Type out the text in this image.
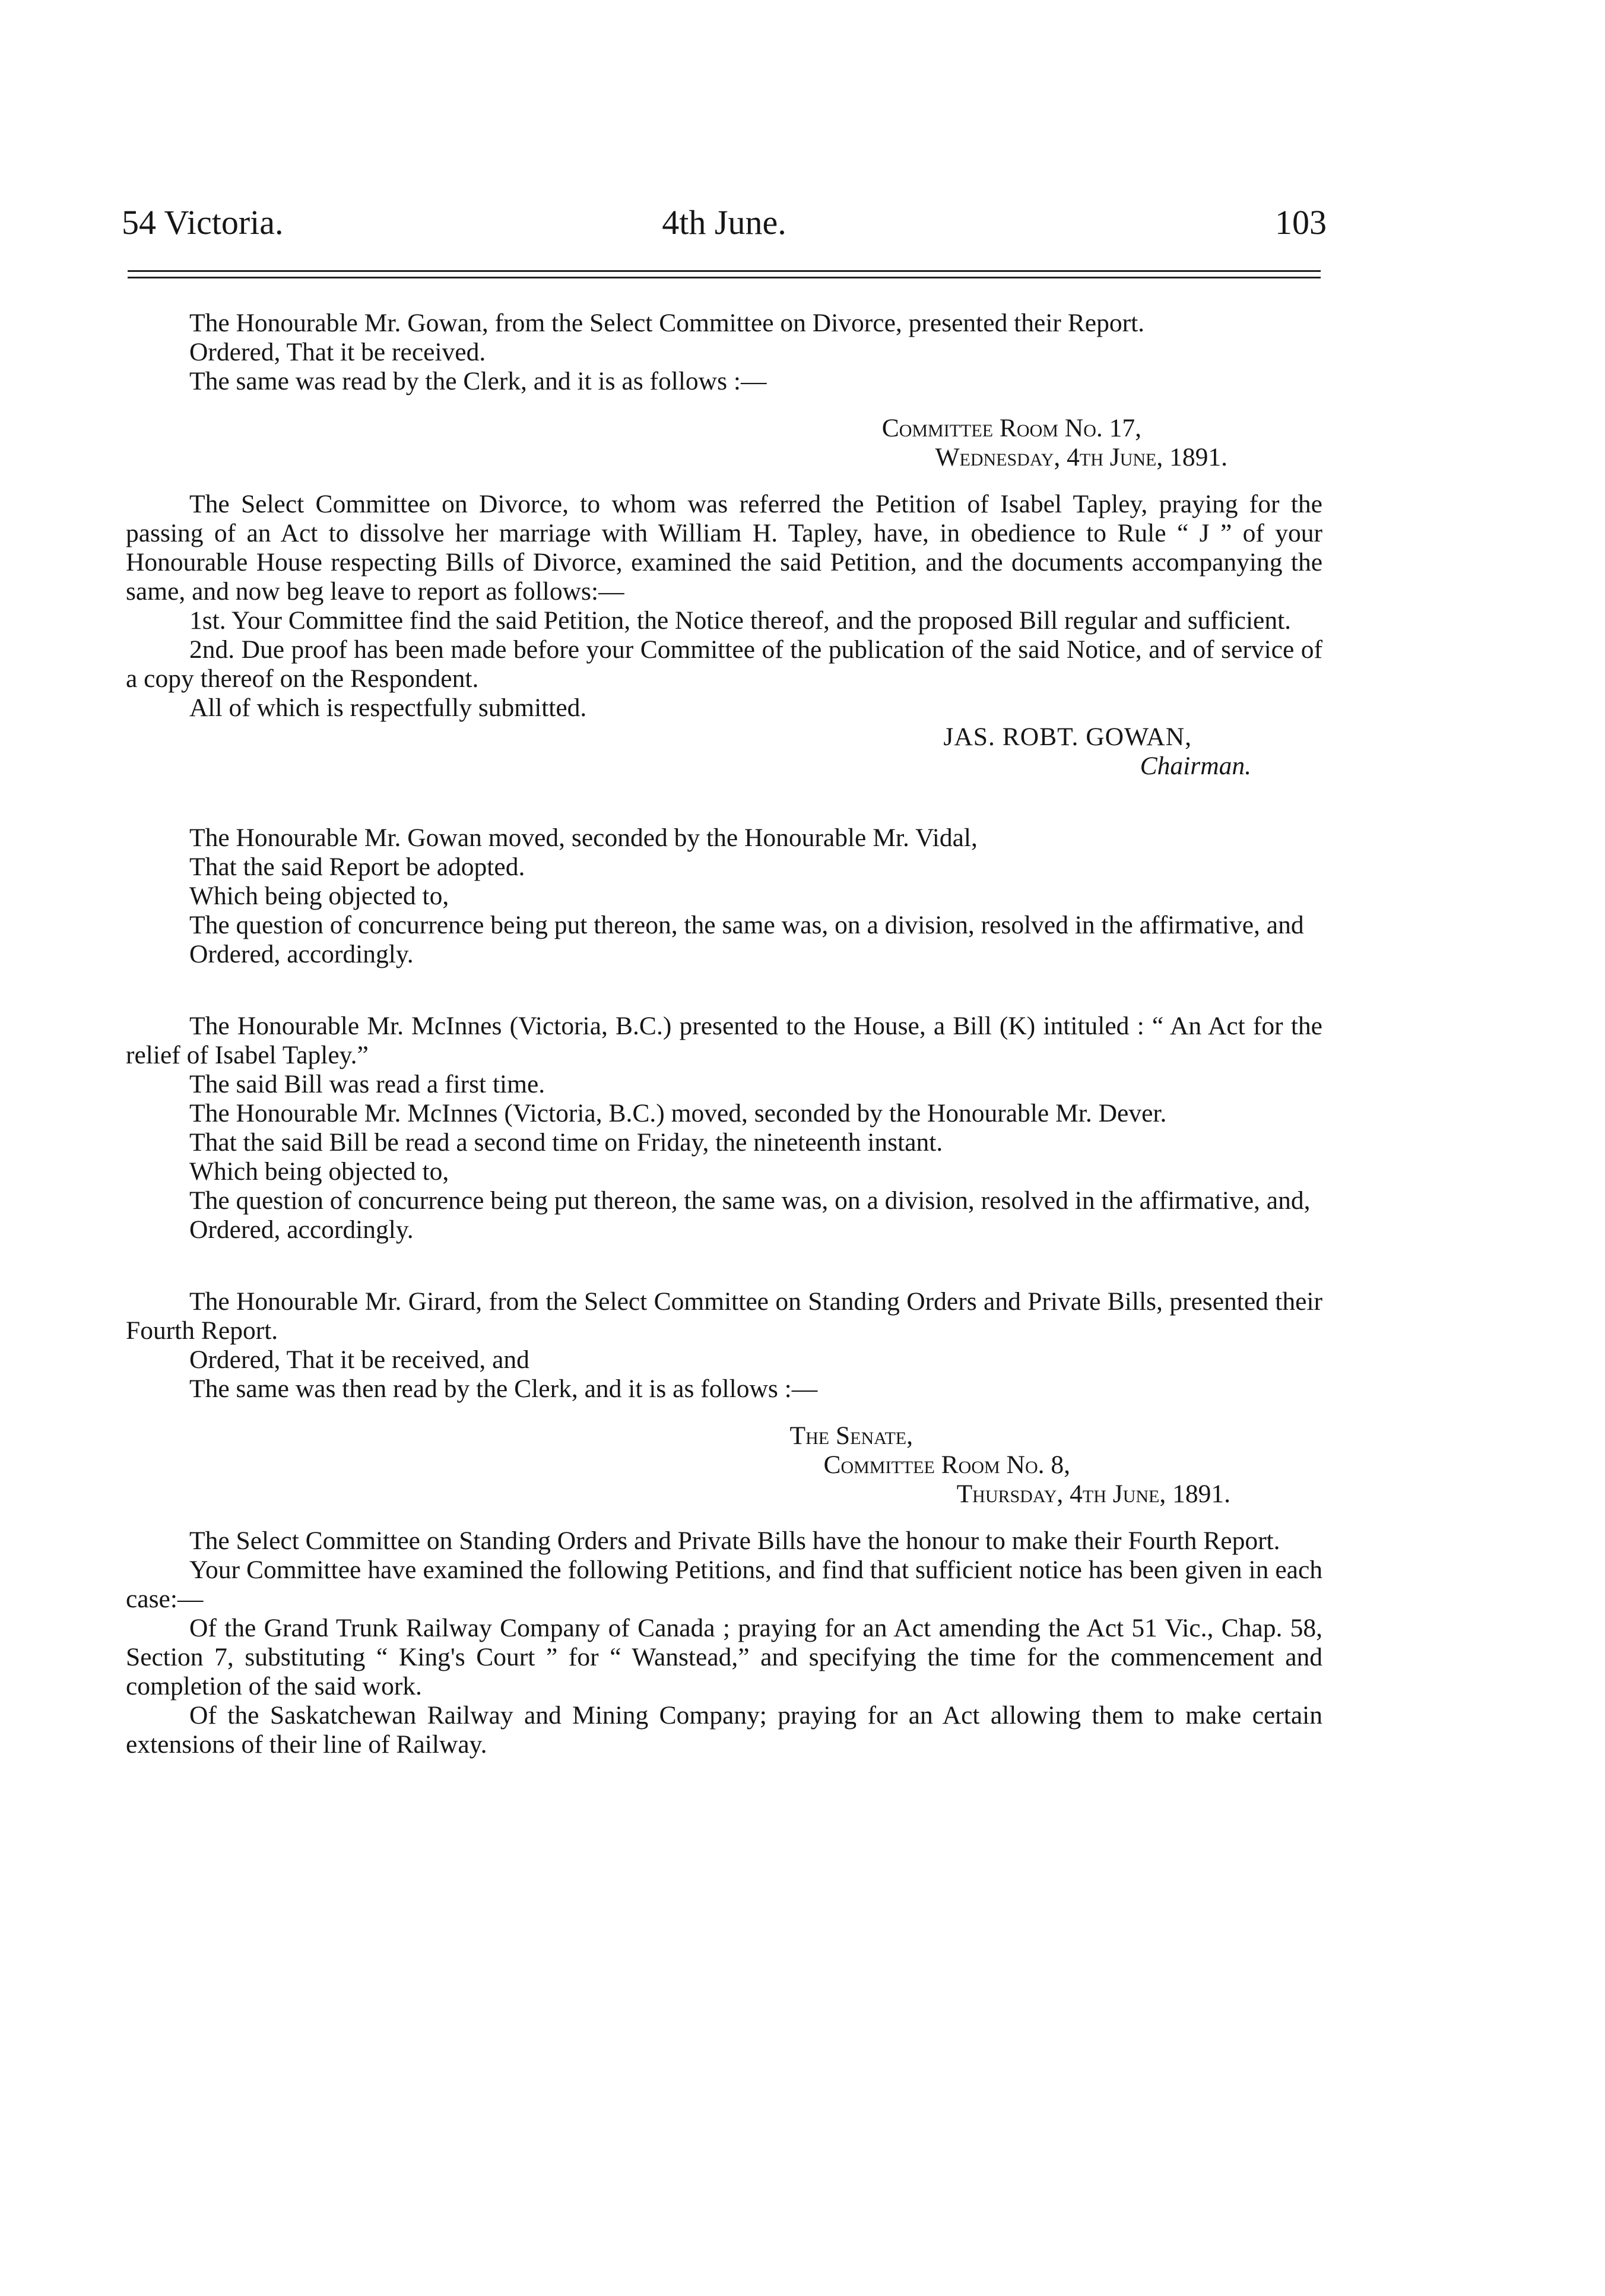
54 Victoria.	4th June.	103

The Honourable Mr. Gowan, from the Select Committee on Divorce, presented their Report.

Ordered, That it be received.

The same was read by the Clerk, and it is as follows :—

Committee Room No. 17,

Wednesday, 4th June, 1891.

The Select Committee on Divorce, to whom was referred the Petition of Isabel Tapley, praying for the passing of an Act to dissolve her marriage with William H. Tapley, have, in obedience to Rule “ J ” of your Honourable House respecting Bills of Divorce, examined the said Petition, and the documents accompanying the same, and now beg leave to report as follows:—

1st. Your Committee find the said Petition, the Notice thereof, and the proposed Bill regular and sufficient.

2nd. Due proof has been made before your Committee of the publication of the said Notice, and of service of a copy thereof on the Respondent.

All of which is respectfully submitted.

JAS. ROBT. GOWAN,

Chairman.

The Honourable Mr. Gowan moved, seconded by the Honourable Mr. Vidal,

That the said Report be adopted.

Which being objected to,

The question of concurrence being put thereon, the same was, on a division, resolved in the affirmative, and

Ordered, accordingly.

The Honourable Mr. McInnes (Victoria, B.C.) presented to the House, a Bill (K) intituled : “ An Act for the relief of Isabel Tapley.”

The said Bill was read a first time.

The Honourable Mr. McInnes (Victoria, B.C.) moved, seconded by the Honourable Mr. Dever.

That the said Bill be read a second time on Friday, the nineteenth instant.

Which being objected to,

The question of concurrence being put thereon, the same was, on a division, resolved in the affirmative, and,

Ordered, accordingly.

The Honourable Mr. Girard, from the Select Committee on Standing Orders and Private Bills, presented their Fourth Report.

Ordered, That it be received, and

The same was then read by the Clerk, and it is as follows :—

The Senate,

Committee Room No. 8,

Thursday, 4th June, 1891.

The Select Committee on Standing Orders and Private Bills have the honour to make their Fourth Report.

Your Committee have examined the following Petitions, and find that sufficient notice has been given in each case:—

Of the Grand Trunk Railway Company of Canada ; praying for an Act amending the Act 51 Vic., Chap. 58, Section 7, substituting “ King's Court ” for “ Wanstead,” and specifying the time for the commencement and completion of the said work.

Of the Saskatchewan Railway and Mining Company; praying for an Act allowing them to make certain extensions of their line of Railway.
